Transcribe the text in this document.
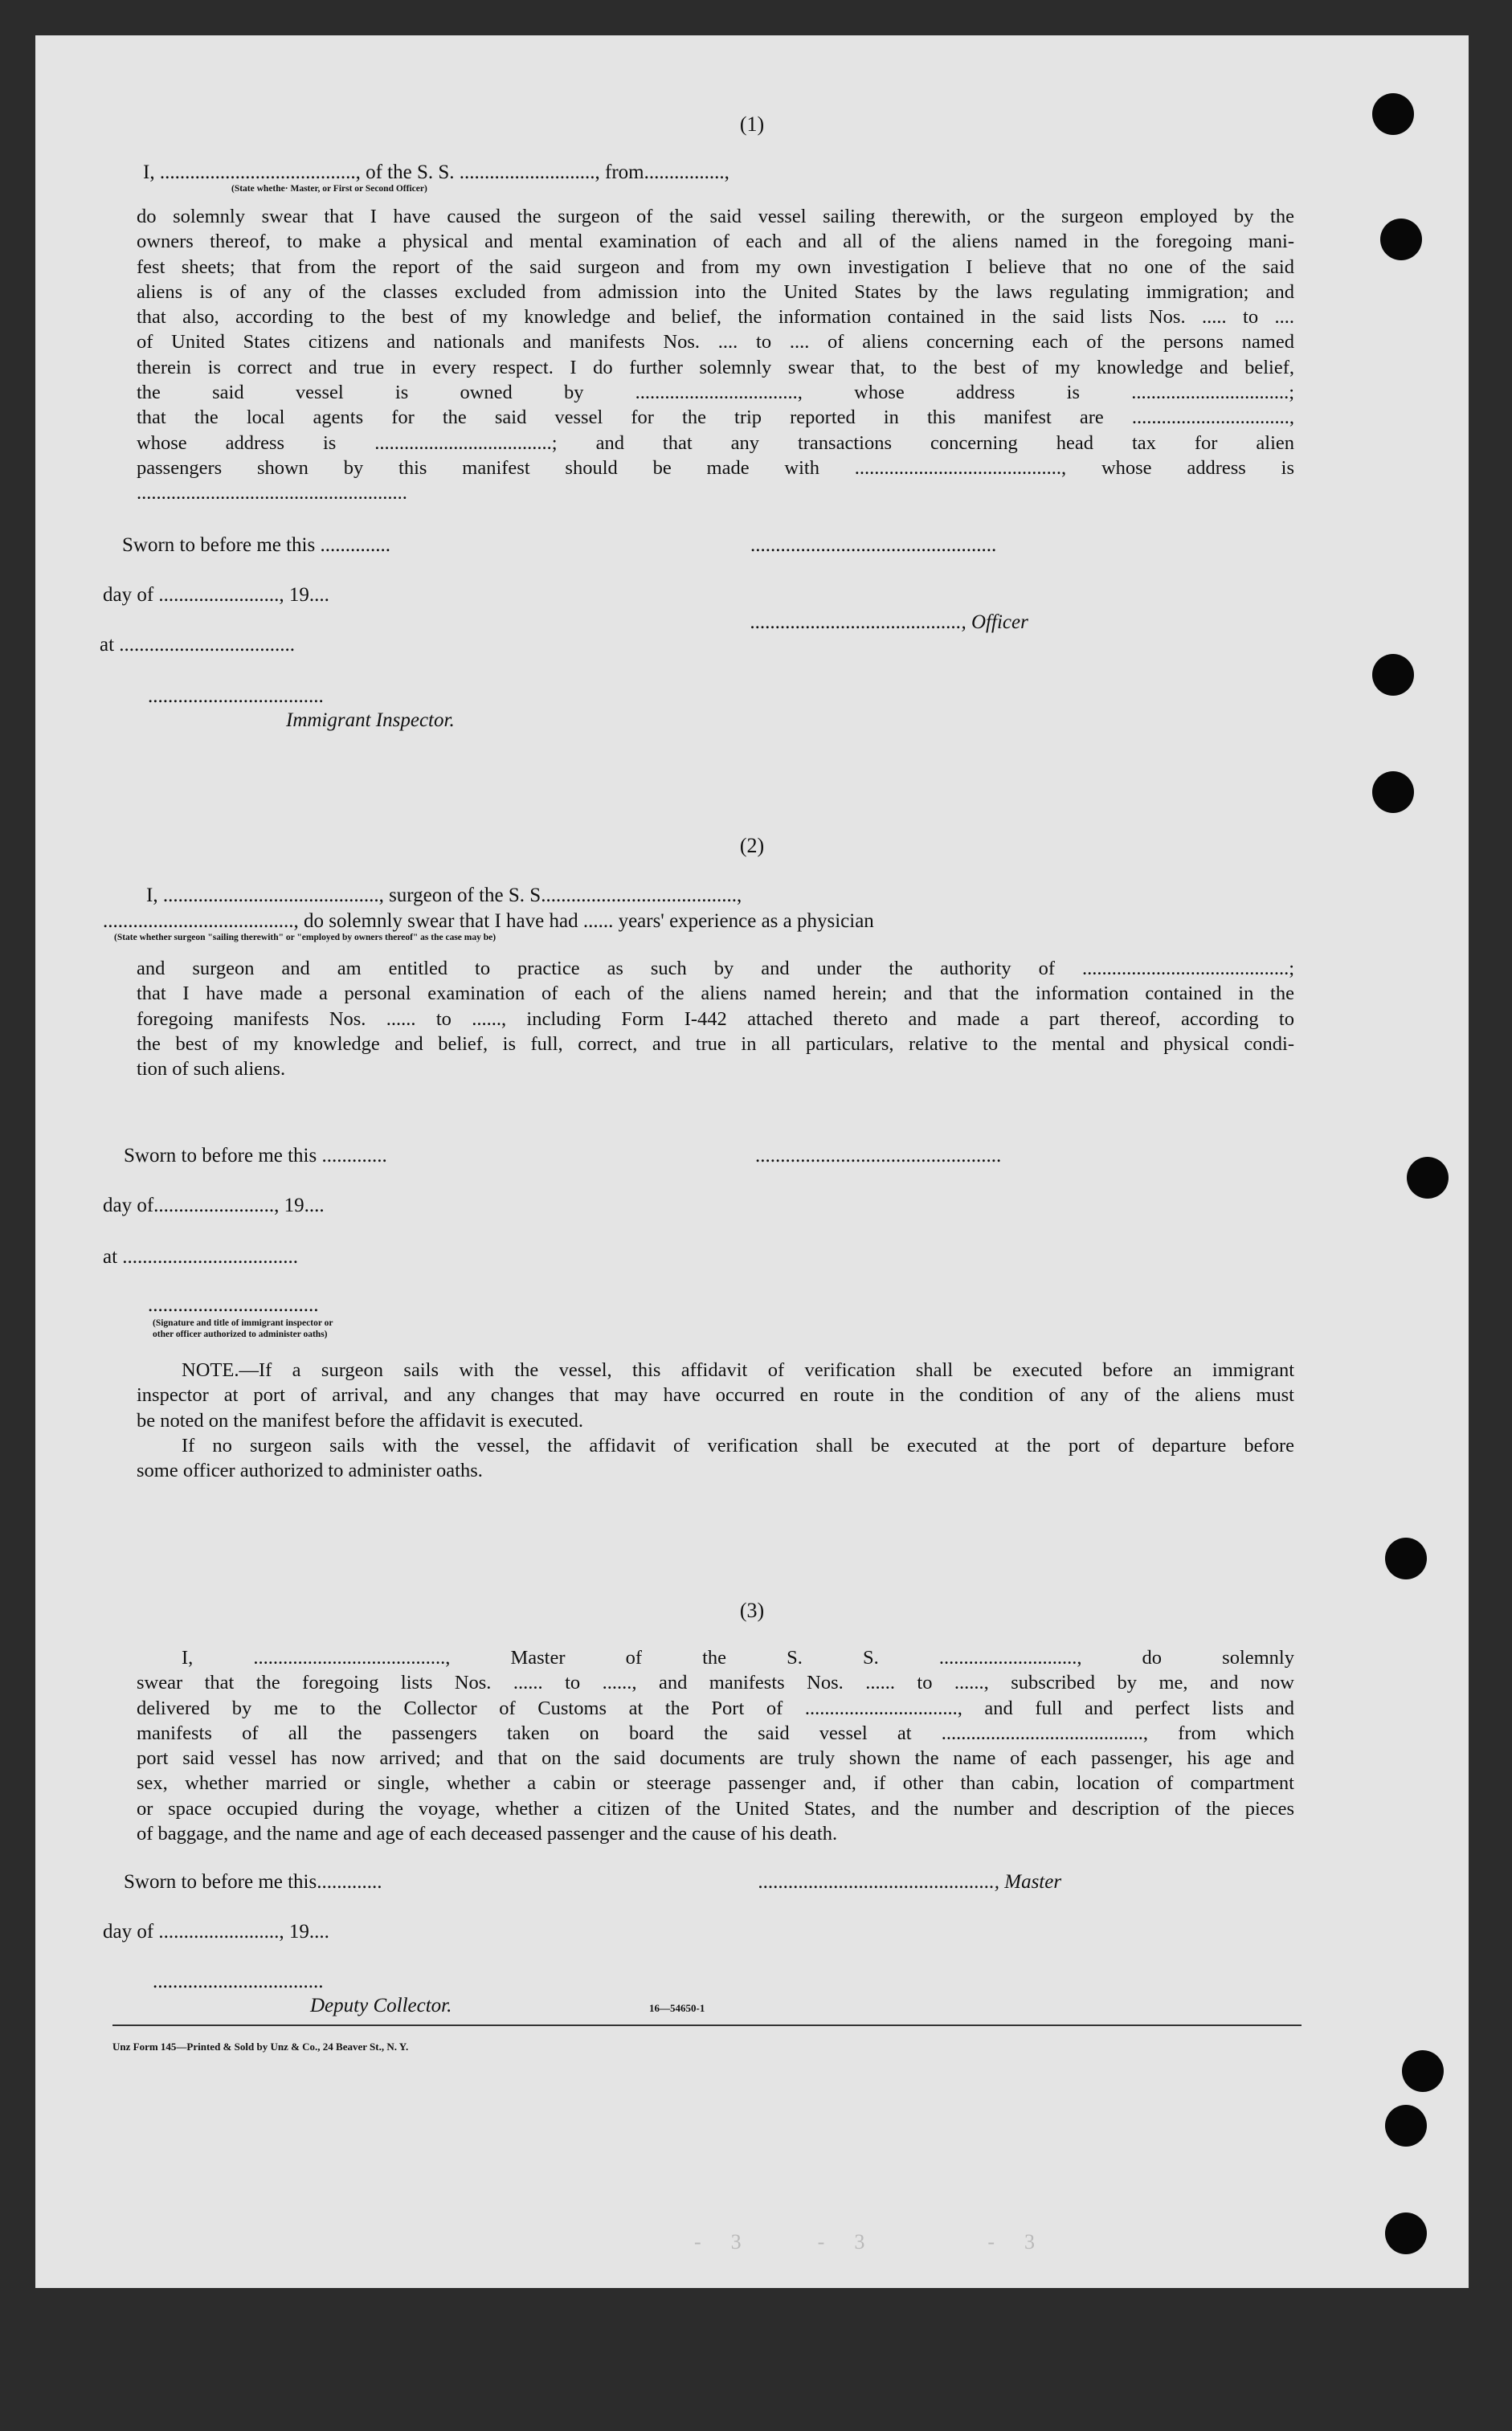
-  3      -  3          -  3
(1)
I, ......................................., of the S. S. ..........................., from................,
(State whethe· Master, or First or Second Officer)
do solemnly swear that I have caused the surgeon of the said vessel sailing therewith, or the surgeon employed by the
owners thereof, to make a physical and mental examination of each and all of the aliens named in the foregoing mani-
fest sheets; that from the report of the said surgeon and from my own investigation I believe that no one of the said
aliens is of any of the classes excluded from admission into the United States by the laws regulating immigration; and
that also, according to the best of my knowledge and belief, the information contained in the said lists Nos. ..... to ....
of United States citizens and nationals and manifests Nos. .... to .... of aliens concerning each of the persons named
therein is correct and true in every respect. I do further solemnly swear that, to the best of my knowledge and belief,
the said vessel is owned by ................................., whose address is ................................;
that the local agents for the said vessel for the trip reported in this manifest are ................................,
whose address is ....................................; and that any transactions concerning head tax for alien
passengers shown by this manifest should be made with .........................................., whose address is
.......................................................
Sworn to before me this ..............	.................................................
day of ........................, 19....
.........................................., Officer
at ...................................
...................................
Immigrant Inspector.
(2)
I, ..........................................., surgeon of the S. S.......................................,
......................................, do solemnly swear that I have had ...... years' experience as a physician
(State whether surgeon "sailing therewith" or "employed by owners thereof" as the case may be)
and surgeon and am entitled to practice as such by and under the authority of ..........................................;
that I have made a personal examination of each of the aliens named herein; and that the information contained in the
foregoing manifests Nos. ...... to ......, including Form I-442 attached thereto and made a part thereof, according to
the best of my knowledge and belief, is full, correct, and true in all particulars, relative to the mental and physical condi-
tion of such aliens.
Sworn to before me this .............	.................................................
day of........................, 19....
at ...................................
..................................
(Signature and title of immigrant inspector or
other officer authorized to administer oaths)
NOTE.—If a surgeon sails with the vessel, this affidavit of verification shall be executed before an immigrant
inspector at port of arrival, and any changes that may have occurred en route in the condition of any of the aliens must
be noted on the manifest before the affidavit is executed.
If no surgeon sails with the vessel, the affidavit of verification shall be executed at the port of departure before
some officer authorized to administer oaths.
(3)
I, ......................................., Master of the S. S. ............................, do solemnly
swear that the foregoing lists Nos. ...... to ......, and manifests Nos. ...... to ......, subscribed by me, and now
delivered by me to the Collector of Customs at the Port of ..............................., and full and perfect lists and
manifests of all the passengers taken on board the said vessel at ........................................., from which
port said vessel has now arrived; and that on the said documents are truly shown the name of each passenger, his age and
sex, whether married or single, whether a cabin or steerage passenger and, if other than cabin, location of compartment
or space occupied during the voyage, whether a citizen of the United States, and the number and description of the pieces
of baggage, and the name and age of each deceased passenger and the cause of his death.
Sworn to before me this.............	..............................................., Master
day of ........................, 19....
..................................
Deputy Collector.	16—54650-1
Unz Form 145—Printed & Sold by Unz & Co., 24 Beaver St., N. Y.
